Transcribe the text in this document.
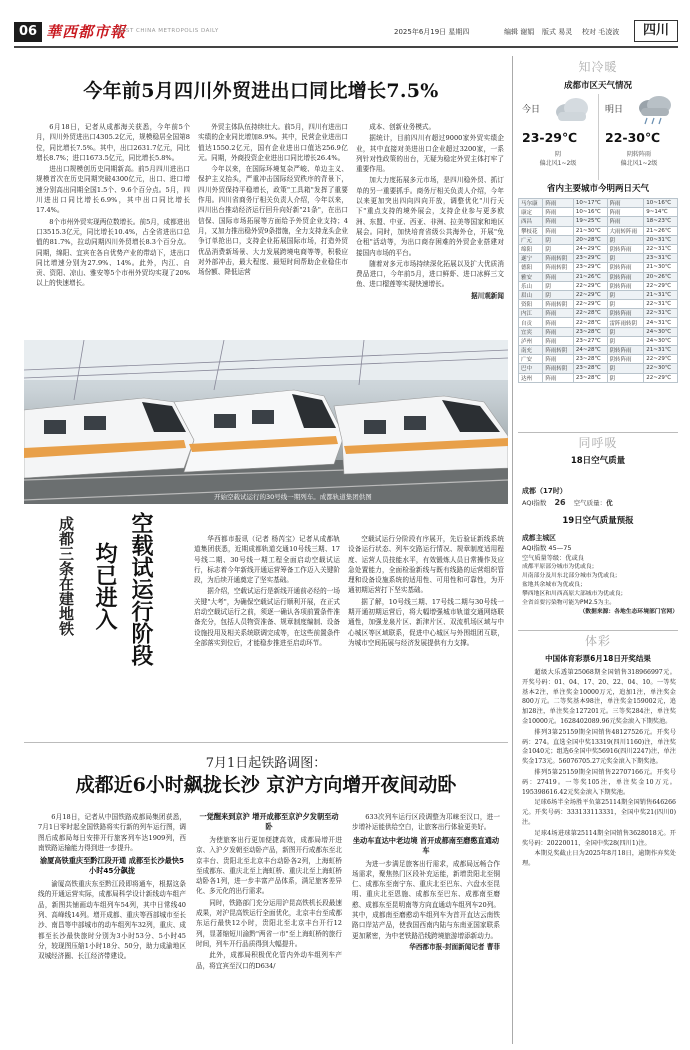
06 華西都市報
WEST CHINA METROPOLIS DAILY	2025年6月19日 星期四	编辑 谢娟 版式 易灵 校对 毛凌波	四川
今年前5月四川外贸进出口同比增长7.5%

6月18日，记者从成都海关获悉，今年前5个月，四川外贸进出口4305.2亿元，规模稳居全国第8位，同比增长7.5%。其中，出口2631.7亿元，同比增长8.7%；进口1673.5亿元，同比增长5.8%。

进出口规模创历史同期新高。前5月四川进出口规模首次在历史同期突破4300亿元，出口、进口增速分别高出同期全国1.5个、9.6个百分点。5月，四川进出口同比增长6.9%，其中出口同比增长17.4%。

8个市州外贸实现两位数增长。前5月，成都进出口3515.3亿元，同比增长10.4%，占全省进出口总值的81.7%，拉动同期四川外贸增长8.3个百分点。同期，绵阳、宜宾在各自优势产业的带动下，进出口同比增速分别为27.9%、14%。此外，内江、自贡、资阳、凉山、雅安等5个市州外贸均实现了20%以上的快速增长。

外贸主体队伍持续壮大。前5月，四川有进出口实绩的企业同比增加8.9%。其中，民营企业进出口值达1550.2亿元，国有企业进出口值达256.9亿元。同期，外商投资企业进出口同比增长26.4%。

今年以来，在国际环境复杂严峻、单边主义、保护主义抬头，严重冲击国际经贸秩序的背景下，四川外贸保持平稳增长，政策"工具箱"发挥了重要作用。四川省商务厅相关负责人介绍，今年以来，四川出台推动经济运行回升向好新"21条"，在出口信保、国际市场拓展等方面给予外贸企业支持；4月，又加力推出稳外贸9条措施，全力支持龙头企业争订单抢出口，支持企业拓展国际市场，打造外贸优品消费新场景、大力发展跨境电商等等，积极应对外部冲击，最大程度、最短时间帮助企业稳住市场份额、降低运营

成本、创新业务模式。

据统计，目前四川有超过9000家外贸实绩企业，其中直接对美进出口企业超过3200家，一系列针对性政策的出台，无疑为稳定外贸主体打牢了重要作用。

加大力度拓展多元市场，是四川稳外贸、抓订单的另一重要抓手。商务厅相关负责人介绍，今年以来更加突出四向四向开放，调整优化"川行天下"重点支持的境外展会，支持企业参与更多欧洲、东盟、中亚、西亚、非洲、拉美等国家和地区展会。同时，加快培育省级公共海外仓，开展"免仓租"活动等，为出口商存困难的外贸企业搭建对接国内市场的平台。

随着对多元市场持续深化拓展以及扩大优质消费品进口，今年前5月，进口鲜虾、进口冰鲜三文鱼、进口榴莲等实现快速增长。

据川观新闻

开始空载试运行的30号线一期列车。成都轨道集团供图
成都三条在建地铁 空载试运行阶段
均已进入

华西都市报讯（记者 杨芮宝）记者从成都轨道集团获悉，近期成都轨道交通10号线三期、17号线二期、30号线一期工程全面启动空载试运行，标志着今年新线开通运营筹备工作迈入关键阶段，为后续开通奠定了坚实基础。

据介绍，空载试运行是新线开通前必经的一场关键"大考"，为确保空载试运行顺利开展，在正式启动空载试运行之前，须逐一确认各项前置条件准备充分，包括人员物资准备、规章制度编制、设备设施投用及相关系统联调完成等，在这些前置条件全部落实到位后，才能稳步推进至启动环节。

空载试运行分阶段有序展开，先后验证新线系统设备运行状态、列车交路运行情况、规章制度适用程度、运营人员技能水平，有效锻炼人员日常操作及应急处置能力，全面检验新线与既有线路的运营组织管理和设备设施系统的适用性、可用性和可靠性，为开通初期运营打下坚实基础。

据了解，10号线三期、17号线二期与30号线一期开通初期运营后，将大幅增强城市轨道交通网络联通性，加强龙泉片区、新津片区、双流机场区域与中心城区等区域联系，促进中心城区与外围组团互联，为城市空间拓展与经济发展提供有力支撑。

7月1日起铁路调图：
成都近6小时飙拢长沙 京沪方向增开夜间动卧

6月18日，记者从中国铁路成都局集团获悉，7月1日零时起全国铁路将实行新的列车运行图，调图后成都局每日安排开行旅客列车达1909列，西南铁路运输能力得到进一步提升。

渝厦高铁重庆至黔江段开通 成都至长沙最快5小时45分飙拢

渝厦高铁重庆东至黔江段即将通车，根据这条线的开通运营实际，成都局科学设计新线动车组产品，新图共铺画动车组列车54列，其中日常线40列、高峰线14列。增开成都、重庆等西部城市至长沙、南昌等中部城市的动车组列车32列，重庆、成都至长沙最快旅时分别为3小时53分、5小时45分，较现图压缩1小时18分、50分，助力成渝地区双城经济圈、长江经济带建设。

一觉醒来到京沪 增开成都至京沪夕发朝至动卧

为使旅客出行更加便捷高效，成都局增开进京、入沪夕发朝至动卧产品，新图开行成都东至北京丰台、贵阳北至北京丰台动卧各2列，上海虹桥至成都东、重庆北至上海虹桥、重庆北至上海虹桥动卧各1列，进一步丰富产品体系，满足旅客差异化、多元化的出行需求。

同时，铁路部门充分运用沪昆高铁机长段最速成果，对沪昆高铁运行全面优化，北京丰台至成都东运行最快12小时，贵阳北至北京丰台开行12列，显著缩短川渝黔"两省一市"至上海虹桥的旅行时间，列车开行品质得到大幅提升。

此外，成都局积极优化管内外动车组列车产品，将宜宾至汉口的D634/

633次列车运行区段调整为邛崃至汉口，进一步增补运能供给空白，让旅客出行体验更美好。

坐动车直达中老边境 首开成都南至磨憨直通动车

为进一步满足旅客出行需求，成都局远畅合作场需求，聚焦热门区段补充运能，新增贵阳北至铜仁、成都东至南宁东、重庆北至巴东、六盘水至昆明、重庆北至恩施、成都东至巴东、成都南至磨憨、成都东至昆明南等方向直通动车组列车20列。其中，成都南至磨憨动车组列车为首开直达云南铁路口岸站产品，使我国西南内陆与东南亚国家联系更加紧密，为中老铁路沿线跨境旅游增添新动力。

华西都市报-封面新闻记者 曹菲

知冷暖
成都市区天气情况
今日
23-29℃
阴
偏北风1~2级
明日
22-30℃
阴转阵雨
偏北风1~2级
省内主要城市今明两日天气
马尔康	阵雨	10~17℃	阵雨	10~16℃
康定	阵雨	10~16℃	阵雨	9~14℃
西昌	阵雨	19~25℃	阵雨	18~23℃
攀枝花	阵雨	21~30℃	大雨转阵雨	21~26℃
广元	阴	20~28℃	阴	20~31℃
绵阳	阴	24~29℃	阴转阵雨	22~31℃
遂宁	阵雨转阴	23~29℃	阴	23~31℃
德阳	阵雨转阴	23~29℃	阴转阵雨	21~30℃
雅安	阵雨	21~26℃	阴转阵雨	20~26℃
乐山	阴	22~29℃	阴转阵雨	22~29℃
眉山	阴	22~29℃	阴	21~31℃
资阳	阵雨转阴	22~29℃	阴	22~31℃
内江	阵雨	22~28℃	阴转阵雨	22~31℃
自贡	阵雨	22~28℃	雷阵雨转阴	24~31℃
宜宾	阵雨	23~28℃	阴	24~30℃
泸州	阵雨	23~27℃	阴	24~30℃
南充	阵雨转阴	24~28℃	阴转阵雨	21~31℃
广安	阵雨	23~28℃	阴转阵雨	22~29℃
巴中	阵雨转阴	23~28℃	阴	22~30℃
达州	阵雨	23~28℃	阴	22~29℃
同呼吸
18日空气质量
成都（17时）
AQI指数 26 空气质量：优
19日空气质量预报
成都主城区
AQI指数 45—75
空气质量等级：优或良
成都平原部分城市为优或良；
川南部分及川东北部分城市为优或良；
盆地其余城市为优或良；
攀西地区和川西高原大部城市为优或良；
全省首要污染物可能为PM2.5为主。
（数据来源：各地生态环境部门官网）
体彩
中国体育彩票6月18日开奖结果

超级大乐透第25068期全国销售318966997元。开奖号码：01、04、17、20、22、04、10。一等奖基本2注，单注奖金10000万元，追加1注，单注奖金800万元。二等奖基本98注，单注奖金159002元，追加28注，单注奖金127201元。三等奖284注，单注奖金10000元。1628402089.96元奖金滚入下期奖池。

排列3第25159期全国销售48127526元。开奖号码：274。直选全国中奖13319(四川1160)注，单注奖金1040元；组选6全国中奖56916(四川2247)注，单注奖金173元。56076705.27元奖金滚入下期奖池。

排列5第25159期全国销售22707166元。开奖号码：27419。一等奖105注，单注奖金10万元。195398616.42元奖金滚入下期奖池。

足球6场半全场胜平负第25114期全国销售646266元。开奖号码：333133113331，全国中奖21(四川0)注。

足球4场进球第25114期全国销售3628018元。开奖号码：20220011，全国中奖28(四川1)注。

本期兑奖截止日为2025年8月18日，逾期作弃奖处理。
